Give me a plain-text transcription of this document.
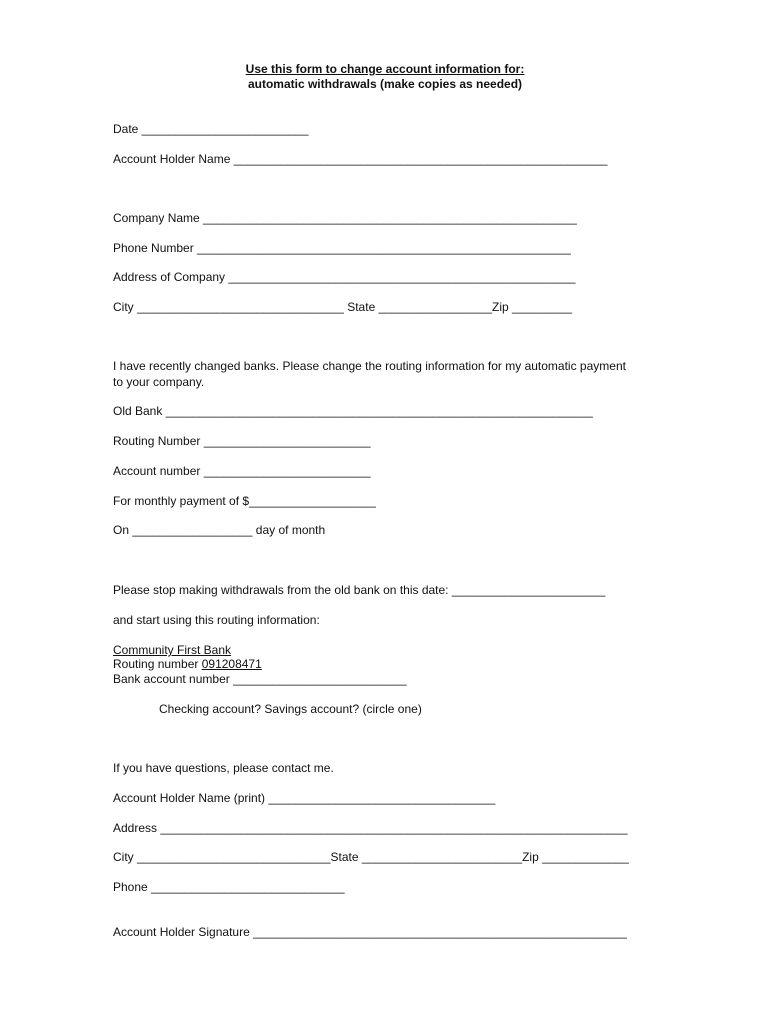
Use this form to change account information for:
automatic withdrawals (make copies as needed)
Date _________________________
Account Holder Name ________________________________________________________
Company Name ________________________________________________________
Phone Number ________________________________________________________
Address of Company ____________________________________________________
City _______________________________ State _________________Zip _________
I have recently changed banks. Please change the routing information for my automatic payment
to your company.
Old Bank ________________________________________________________________
Routing Number _________________________
Account number _________________________
For monthly payment of $___________________
On __________________ day of month
Please stop making withdrawals from the old bank on this date: _______________________
and start using this routing information:
Community First Bank
Routing number 091208471
Bank account number __________________________
Checking account? Savings account? (circle one)
If you have questions, please contact me.
Account Holder Name (print) __________________________________
Address ______________________________________________________________________
City _____________________________State ________________________Zip _____________
Phone _____________________________
Account Holder Signature ________________________________________________________
